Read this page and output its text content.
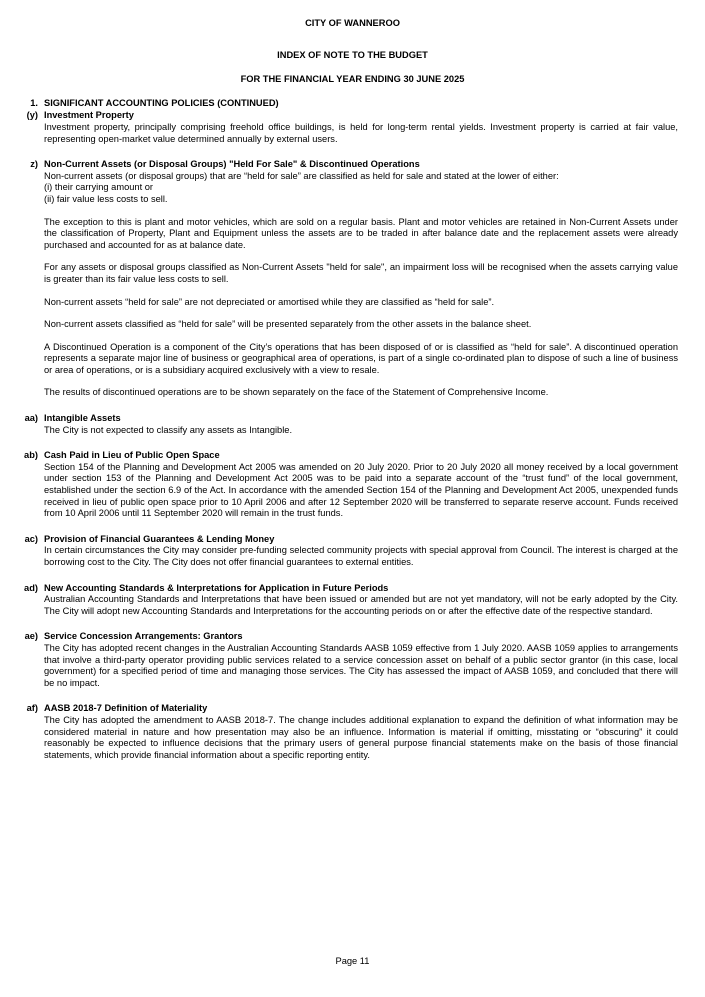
CITY OF WANNEROO
INDEX OF NOTE TO THE BUDGET
FOR THE FINANCIAL YEAR ENDING 30 JUNE 2025
1. SIGNIFICANT ACCOUNTING POLICIES (CONTINUED)
(y) Investment Property

Investment property, principally comprising freehold office buildings, is held for long-term rental yields. Investment property is carried at fair value, representing open-market value determined annually by external users.

z) Non-Current Assets (or Disposal Groups) "Held For Sale" & Discontinued Operations

Non-current assets (or disposal groups) that are “held for sale” are classified as held for sale and stated at the lower of either:

(i) their carrying amount or

(ii) fair value less costs to sell.

The exception to this is plant and motor vehicles, which are sold on a regular basis. Plant and motor vehicles are retained in Non-Current Assets under the classification of Property, Plant and Equipment unless the assets are to be traded in after balance date and the replacement assets were already purchased and accounted for as at balance date.

For any assets or disposal groups classified as Non-Current Assets "held for sale", an impairment loss will be recognised when the assets carrying value is greater than its fair value less costs to sell.

Non-current assets “held for sale” are not depreciated or amortised while they are classified as “held for sale”.

Non-current assets classified as “held for sale” will be presented separately from the other assets in the balance sheet.

A Discontinued Operation is a component of the City’s operations that has been disposed of or is classified as “held for sale”. A discontinued operation represents a separate major line of business or geographical area of operations, is part of a single co-ordinated plan to dispose of such a line of business or area of operations, or is a subsidiary acquired exclusively with a view to resale.

The results of discontinued operations are to be shown separately on the face of the Statement of Comprehensive Income.

aa) Intangible Assets

The City is not expected to classify any assets as Intangible.

ab) Cash Paid in Lieu of Public Open Space

Section 154 of the Planning and Development Act 2005 was amended on 20 July 2020. Prior to 20 July 2020 all money received by a local government under section 153 of the Planning and Development Act 2005 was to be paid into a separate account of the “trust fund” of the local government, established under the section 6.9 of the Act. In accordance with the amended Section 154 of the Planning and Development Act 2005, unexpended funds received in lieu of public open space prior to 10 April 2006 and after 12 September 2020 will be transferred to separate reserve account. Funds received from 10 April 2006 until 11 September 2020 will remain in the trust funds.

ac) Provision of Financial Guarantees & Lending Money

In certain circumstances the City may consider pre-funding selected community projects with special approval from Council. The interest is charged at the borrowing cost to the City. The City does not offer financial guarantees to external entities.

ad) New Accounting Standards & Interpretations for Application in Future Periods

Australian Accounting Standards and Interpretations that have been issued or amended but are not yet mandatory, will not be early adopted by the City. The City will adopt new Accounting Standards and Interpretations for the accounting periods on or after the effective date of the respective standard.

ae) Service Concession Arrangements: Grantors

The City has adopted recent changes in the Australian Accounting Standards AASB 1059 effective from 1 July 2020. AASB 1059 applies to arrangements that involve a third-party operator providing public services related to a service concession asset on behalf of a public sector grantor (in this case, local government) for a specified period of time and managing those services. The City has assessed the impact of AASB 1059, and concluded that there will be no impact.

af) AASB 2018-7 Definition of Materiality

The City has adopted the amendment to AASB 2018-7. The change includes additional explanation to expand the definition of what information may be considered material in nature and how presentation may also be an influence. Information is material if omitting, misstating or “obscuring” it could reasonably be expected to influence decisions that the primary users of general purpose financial statements make on the basis of those financial statements, which provide financial information about a specific reporting entity.

Page 11
